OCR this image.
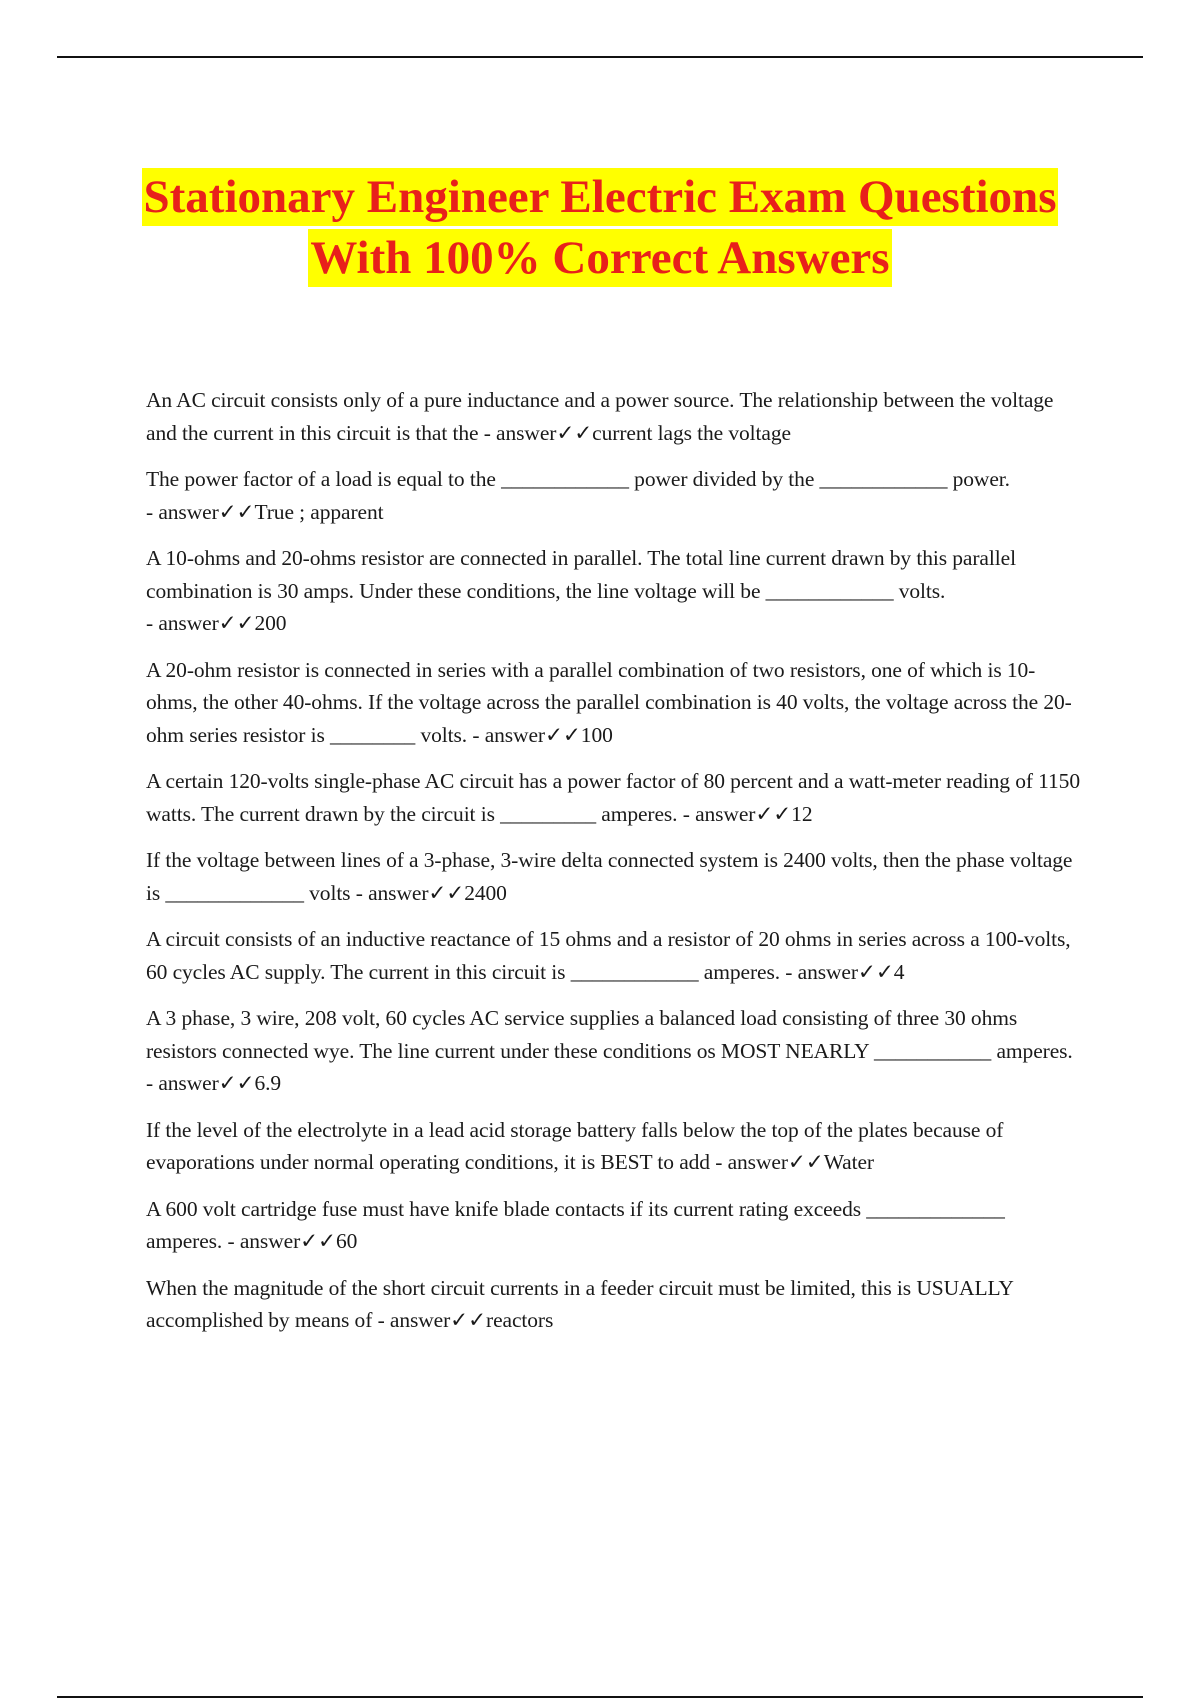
Stationary Engineer Electric Exam Questions
With 100% Correct Answers

An AC circuit consists only of a pure inductance and a power source. The relationship between the voltage and the current in this circuit is that the - answer✓✓current lags the voltage

The power factor of a load is equal to the ____________ power divided by the ____________ power. - answer✓✓True ; apparent

A 10-ohms and 20-ohms resistor are connected in parallel. The total line current drawn by this parallel combination is 30 amps. Under these conditions, the line voltage will be ____________ volts. - answer✓✓200

A 20-ohm resistor is connected in series with a parallel combination of two resistors, one of which is 10-ohms, the other 40-ohms. If the voltage across the parallel combination is 40 volts, the voltage across the 20-ohm series resistor is ________ volts. - answer✓✓100

A certain 120-volts single-phase AC circuit has a power factor of 80 percent and a watt-meter reading of 1150 watts. The current drawn by the circuit is _________ amperes. - answer✓✓12

If the voltage between lines of a 3-phase, 3-wire delta connected system is 2400 volts, then the phase voltage is _____________ volts - answer✓✓2400

A circuit consists of an inductive reactance of 15 ohms and a resistor of 20 ohms in series across a 100-volts, 60 cycles AC supply. The current in this circuit is ____________ amperes. - answer✓✓4

A 3 phase, 3 wire, 208 volt, 60 cycles AC service supplies a balanced load consisting of three 30 ohms resistors connected wye. The line current under these conditions os MOST NEARLY ___________ amperes. - answer✓✓6.9

If the level of the electrolyte in a lead acid storage battery falls below the top of the plates because of evaporations under normal operating conditions, it is BEST to add - answer✓✓Water

A 600 volt cartridge fuse must have knife blade contacts if its current rating exceeds _____________ amperes. - answer✓✓60

When the magnitude of the short circuit currents in a feeder circuit must be limited, this is USUALLY accomplished by means of - answer✓✓reactors
